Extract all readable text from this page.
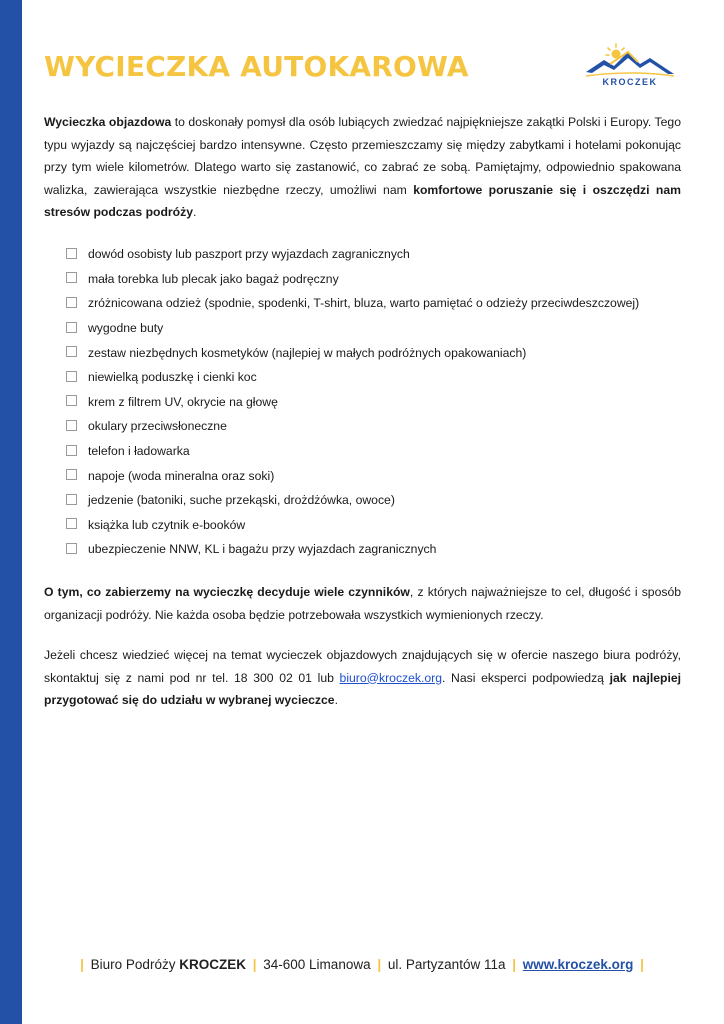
WYCIECZKA AUTOKAROWA	KROCZEK

Wycieczka objazdowa to doskonały pomysł dla osób lubiących zwiedzać najpiękniejsze zakątki Polski i Europy. Tego typu wyjazdy są najczęściej bardzo intensywne. Często przemieszczamy się między zabytkami i hotelami pokonując przy tym wiele kilometrów. Dlatego warto się zastanowić, co zabrać ze sobą. Pamiętajmy, odpowiednio spakowana walizka, zawierająca wszystkie niezbędne rzeczy, umożliwi nam komfortowe poruszanie się i oszczędzi nam stresów podczas podróży.

dowód osobisty lub paszport przy wyjazdach zagranicznych
mała torebka lub plecak jako bagaż podręczny
zróżnicowana odzież (spodnie, spodenki, T-shirt, bluza, warto pamiętać o odzieży przeciwdeszczowej)
wygodne buty
zestaw niezbędnych kosmetyków (najlepiej w małych podróżnych opakowaniach)
niewielką poduszkę i cienki koc
krem z filtrem UV, okrycie na głowę
okulary przeciwsłoneczne
telefon i ładowarka
napoje (woda mineralna oraz soki)
jedzenie (batoniki, suche przekąski, drożdżówka, owoce)
książka lub czytnik e-booków
ubezpieczenie NNW, KL i bagażu przy wyjazdach zagranicznych

O tym, co zabierzemy na wycieczkę decyduje wiele czynników, z których najważniejsze to cel, długość i sposób organizacji podróży. Nie każda osoba będzie potrzebowała wszystkich wymienionych rzeczy.

Jeżeli chcesz wiedzieć więcej na temat wycieczek objazdowych znajdujących się w ofercie naszego biura podróży, skontaktuj się z nami pod nr tel. 18 300 02 01 lub biuro@kroczek.org. Nasi eksperci podpowiedzą jak najlepiej przygotować się do udziału w wybranej wycieczce.

| Biuro Podróży KROCZEK | 34-600 Limanowa | ul. Partyzantów 11a | www.kroczek.org |
